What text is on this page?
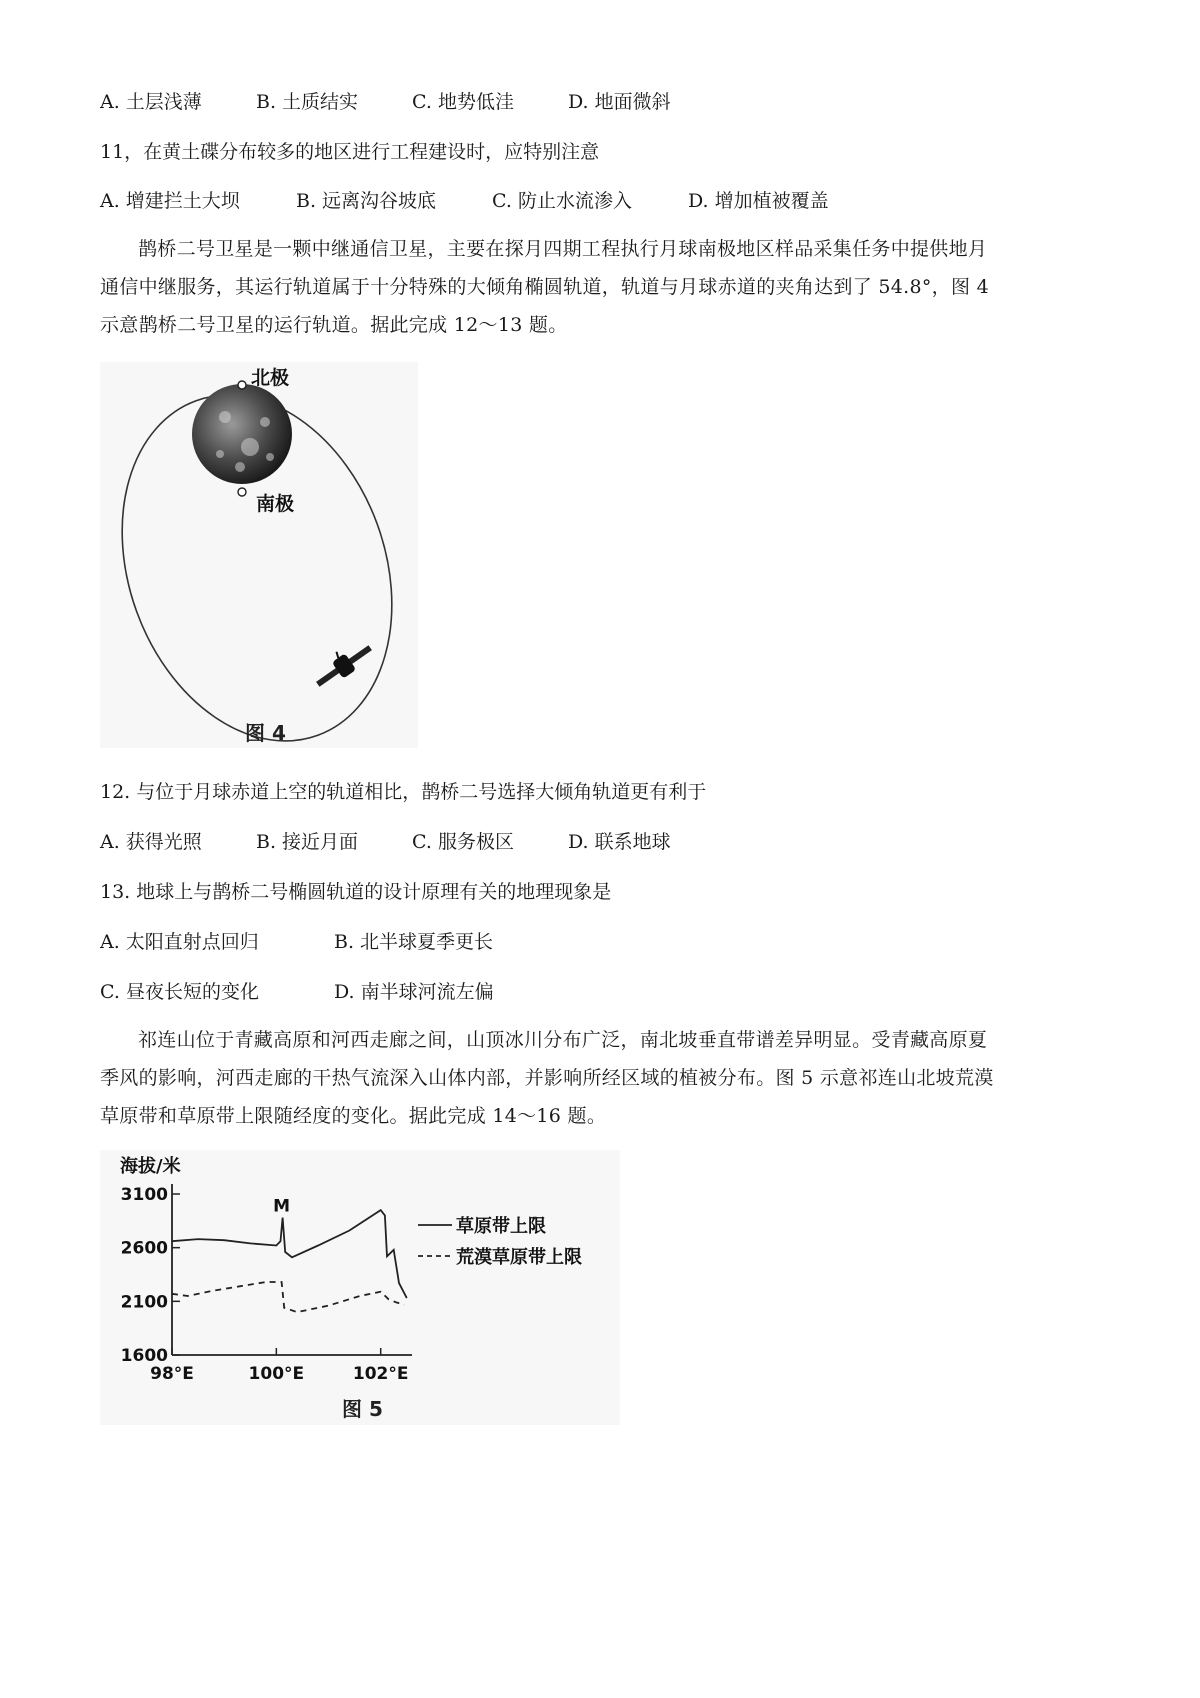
A. 土层浅薄	B. 土质结实	C. 地势低洼	D. 地面微斜
11，在黄土碟分布较多的地区进行工程建设时，应特别注意
A. 增建拦土大坝	B. 远离沟谷坡底	C. 防止水流渗入	D. 增加植被覆盖
鹊桥二号卫星是一颗中继通信卫星，主要在探月四期工程执行月球南极地区样品采集任务中提供地月
通信中继服务，其运行轨道属于十分特殊的大倾角椭圆轨道，轨道与月球赤道的夹角达到了 54.8°，图 4
示意鹊桥二号卫星的运行轨道。据此完成 12～13 题。
北极
南极
图 4
12. 与位于月球赤道上空的轨道相比，鹊桥二号选择大倾角轨道更有利于
A. 获得光照	B. 接近月面	C. 服务极区	D. 联系地球
13. 地球上与鹊桥二号椭圆轨道的设计原理有关的地理现象是
A. 太阳直射点回归	B. 北半球夏季更长
C. 昼夜长短的变化	D. 南半球河流左偏
祁连山位于青藏高原和河西走廊之间，山顶冰川分布广泛，南北坡垂直带谱差异明显。受青藏高原夏
季风的影响，河西走廊的干热气流深入山体内部，并影响所经区域的植被分布。图 5 示意祁连山北坡荒漠
草原带和草原带上限随经度的变化。据此完成 14～16 题。
海拔/米
1600
2100
2600
3100
98°E	100°E	102°E
M
草原带上限
荒漠草原带上限
图 5
